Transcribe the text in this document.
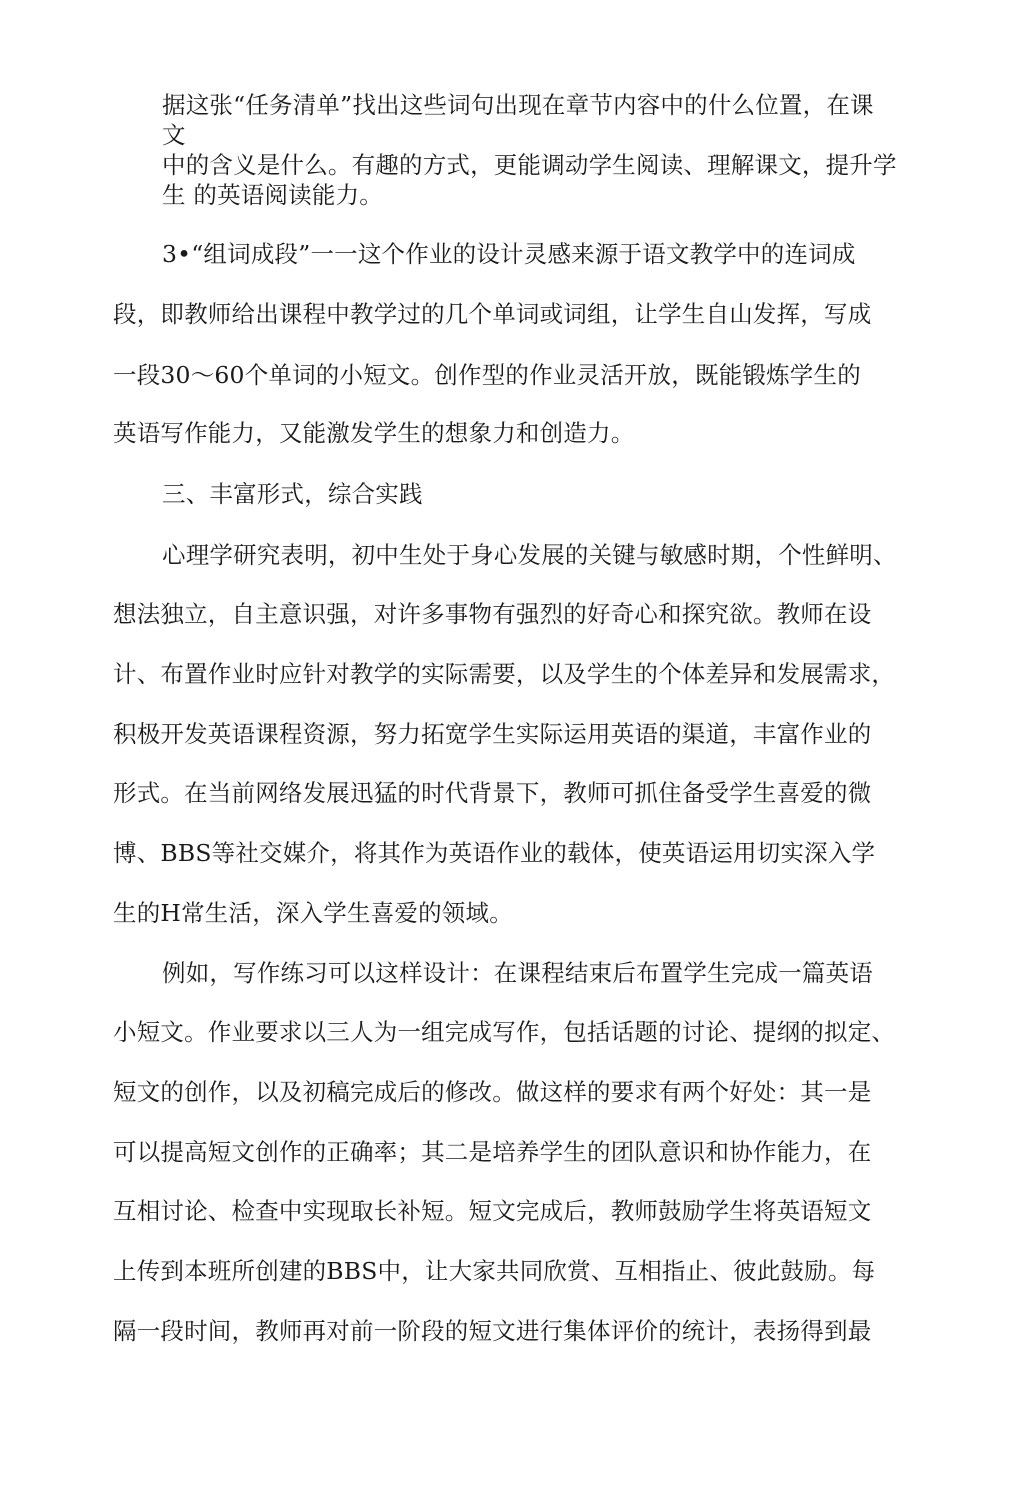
据这张“任务清单”找出这些词句出现在章节内容中的什么位置，在课

文

中的含义是什么。有趣的方式，更能调动学生阅读、理解课文，提升学

生 的英语阅读能力。

3•“组词成段”一一这个作业的设计灵感来源于语文教学中的连词成

段，即教师给出课程中教学过的几个单词或词组，让学生自山发挥，写成

一段30～60个单词的小短文。创作型的作业灵活开放，既能锻炼学生的

英语写作能力，又能激发学生的想象力和创造力。

三、丰富形式，综合实践

心理学研究表明，初中生处于身心发展的关键与敏感时期，个性鲜明、

想法独立，自主意识强，对许多事物有强烈的好奇心和探究欲。教师在设

计、布置作业时应针对教学的实际需要，以及学生的个体差异和发展需求，

积极开发英语课程资源，努力拓宽学生实际运用英语的渠道，丰富作业的

形式。在当前网络发展迅猛的时代背景下，教师可抓住备受学生喜爱的微

博、BBS等社交媒介，将其作为英语作业的载体，使英语运用切实深入学

生的H常生活，深入学生喜爱的领域。

例如，写作练习可以这样设计：在课程结束后布置学生完成一篇英语

小短文。作业要求以三人为一组完成写作，包括话题的讨论、提纲的拟定、

短文的创作，以及初稿完成后的修改。做这样的要求有两个好处：其一是

可以提高短文创作的正确率；其二是培养学生的团队意识和协作能力，在

互相讨论、检查中实现取长补短。短文完成后，教师鼓励学生将英语短文

上传到本班所创建的BBS中，让大家共同欣赏、互相指止、彼此鼓励。每

隔一段时间，教师再对前一阶段的短文进行集体评价的统计，表扬得到最
